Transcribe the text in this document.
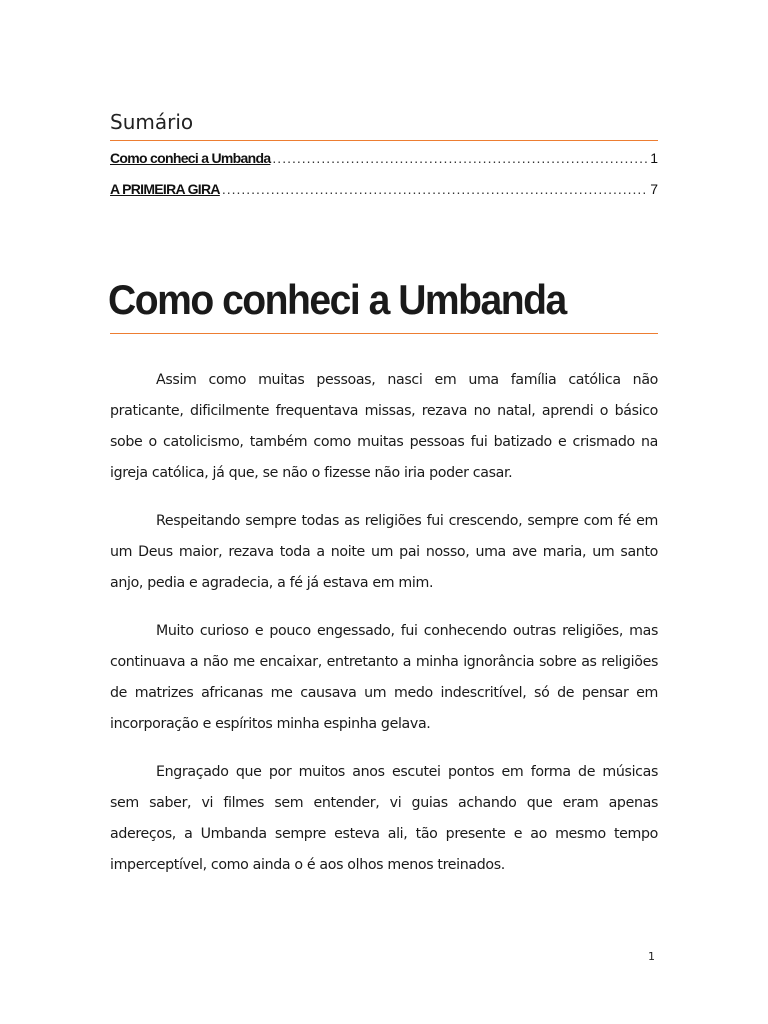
Sumário
Como conheci a Umbanda .....	1
A PRIMEIRA GIRA .....	7
Como conheci a Umbanda

Assim como muitas pessoas, nasci em uma família católica não praticante, dificilmente frequentava missas, rezava no natal, aprendi o básico sobe o catolicismo, também como muitas pessoas fui batizado e crismado na igreja católica, já que, se não o fizesse não iria poder casar.

Respeitando sempre todas as religiões fui crescendo, sempre com fé em um Deus maior, rezava toda a noite um pai nosso, uma ave maria, um santo anjo, pedia e agradecia, a fé já estava em mim.

Muito curioso e pouco engessado, fui conhecendo outras religiões, mas continuava a não me encaixar, entretanto a minha ignorância sobre as religiões de matrizes africanas me causava um medo indescritível, só de pensar em incorporação e espíritos minha espinha gelava.

Engraçado que por muitos anos escutei pontos em forma de músicas sem saber, vi filmes sem entender, vi guias achando que eram apenas adereços, a Umbanda sempre esteva ali, tão presente e ao mesmo tempo imperceptível, como ainda o é aos olhos menos treinados.

1
